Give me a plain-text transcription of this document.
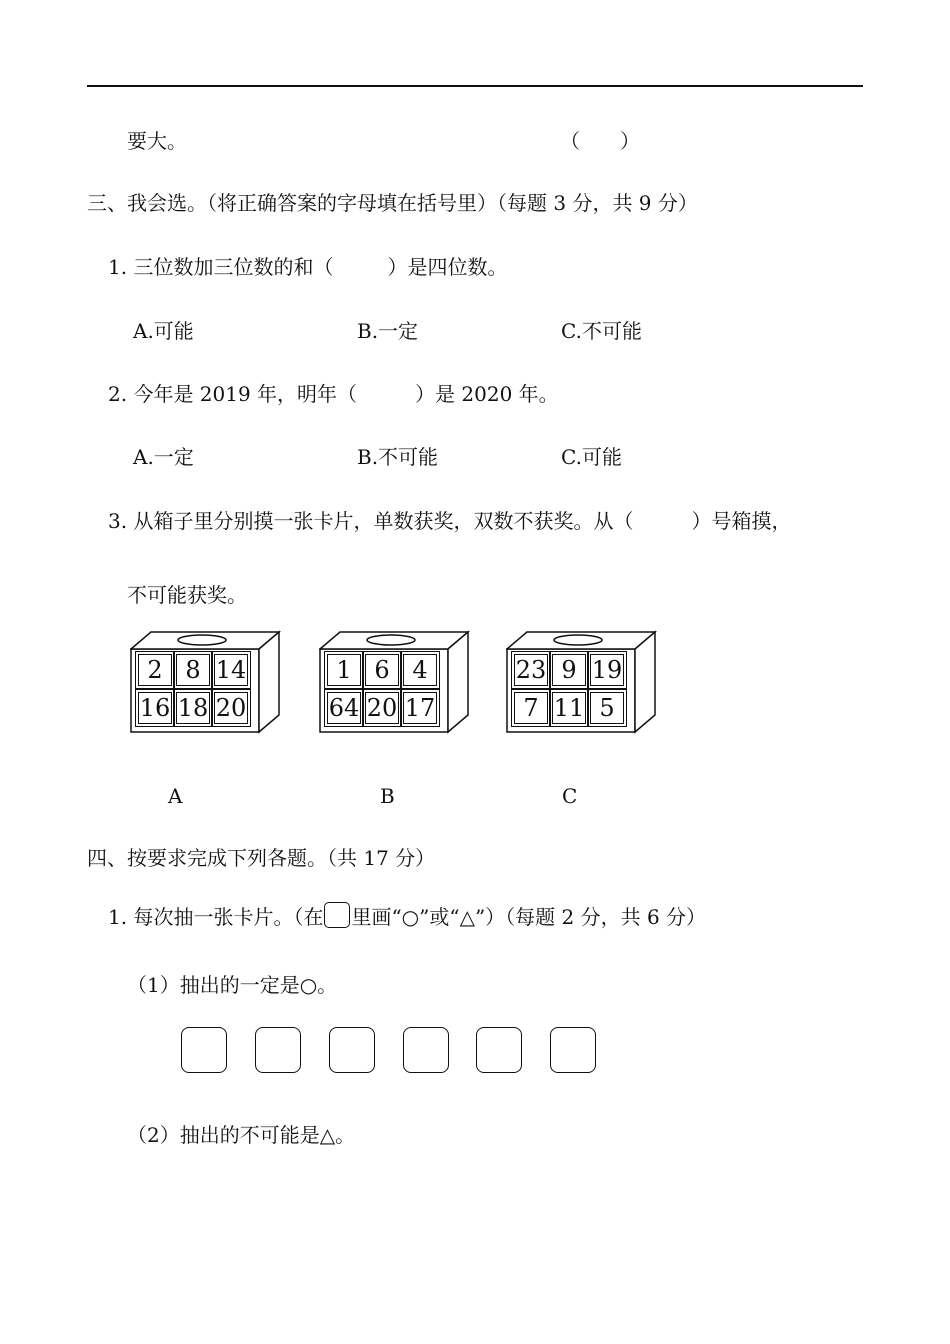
要大。	（　　）
三、我会选。（将正确答案的字母填在括号里）（每题 3 分，共 9 分）
1. 三位数加三位数的和（	）是四位数。
A.可能	B.一定	C.不可能
2. 今年是 2019 年，明年（	）是 2020 年。
A.一定	B.不可能	C.可能
3. 从箱子里分别摸一张卡片，单数获奖，双数不获奖。从（	）号箱摸，
不可能获奖。
2 8 14
16 18 20
1 6 4
64 20 17
23 9 19
7 11 5
A	B	C
四、按要求完成下列各题。（共 17 分）
1. 每次抽一张卡片。（在 里画“○”或“△”）（每题 2 分，共 6 分）
（1）抽出的一定是○。
（2）抽出的不可能是△。
